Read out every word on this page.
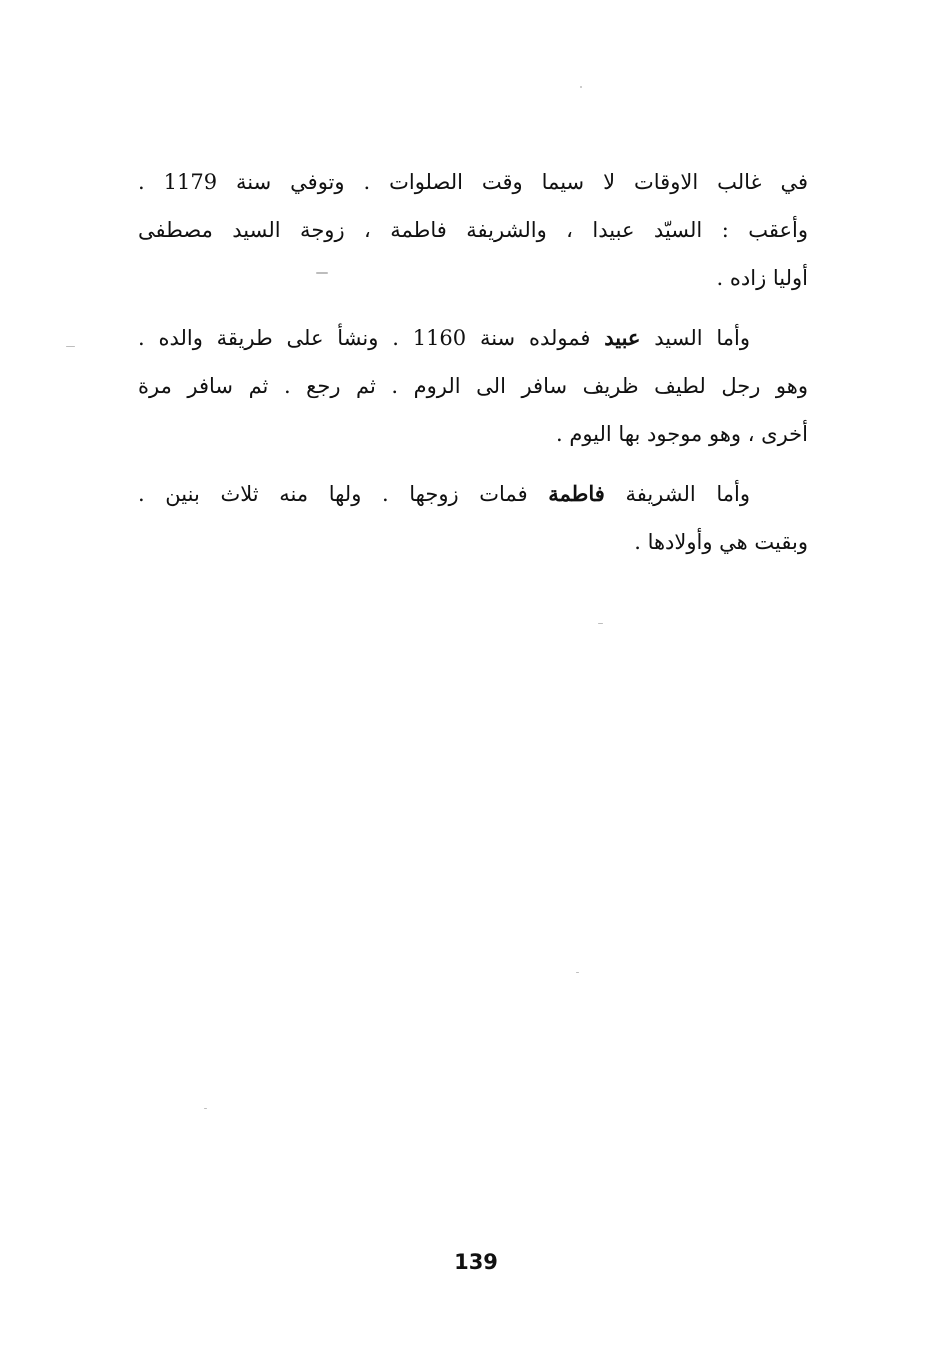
في غالب الاوقات لا سيما وقت الصلوات . وتوفي سنة 1179 .
وأعقب : السيّد عبيدا ، والشريفة فاطمة ، زوجة السيد مصطفى
أوليا زاده .

وأما السيد عبيد فمولده سنة 1160 . ونشأ على طريقة والده .
وهو رجل لطيف ظريف سافر الى الروم . ثم رجع . ثم سافر مرة
أخرى ، وهو موجود بها اليوم .

وأما الشريفة فاطمة فمات زوجها . ولها منه ثلاث بنين .
وبقيت هي وأولادها .

139
